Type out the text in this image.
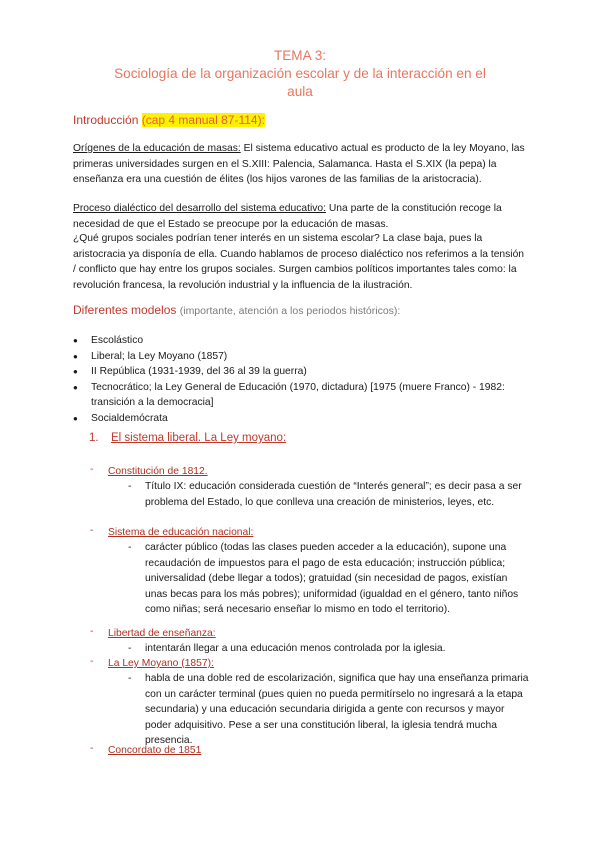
TEMA 3:
Sociología de la organización escolar y de la interacción en el
aula
Introducción (cap 4 manual 87-114):
Orígenes de la educación de masas: El sistema educativo actual es producto de la ley Moyano, las primeras universidades surgen en el S.XIII: Palencia, Salamanca. Hasta el S.XIX (la pepa) la enseñanza era una cuestión de élites (los hijos varones de las familias de la aristocracia).
Proceso dialéctico del desarrollo del sistema educativo: Una parte de la constitución recoge la necesidad de que el Estado se preocupe por la educación de masas.
¿Qué grupos sociales podrían tener interés en un sistema escolar? La clase baja, pues la aristocracia ya disponía de ella. Cuando hablamos de proceso dialéctico nos referimos a la tensión / conflicto que hay entre los grupos sociales. Surgen cambios políticos importantes tales como: la revolución francesa, la revolución industrial y la influencia de la ilustración.
Diferentes modelos (importante, atención a los periodos históricos):
● Escolástico
● Liberal; la Ley Moyano (1857)
● II República (1931-1939, del 36 al 39 la guerra)
● Tecnocrático; la Ley General de Educación (1970, dictadura) [1975 (muere Franco) - 1982: transición a la democracia]
● Socialdemócrata
1. El sistema liberal. La Ley moyano:
- Constitución de 1812.
- Título IX: educación considerada cuestión de “Interés general”; es decir pasa a ser problema del Estado, lo que conlleva una creación de ministerios, leyes, etc.
- Sistema de educación nacional:
- carácter público (todas las clases pueden acceder a la educación), supone una recaudación de impuestos para el pago de esta educación; instrucción pública; universalidad (debe llegar a todos); gratuidad (sin necesidad de pagos, existían unas becas para los más pobres); uniformidad (igualdad en el género, tanto niños como niñas; será necesario enseñar lo mismo en todo el territorio).
- Libertad de enseñanza:
- intentarán llegar a una educación menos controlada por la iglesia.
- La Ley Moyano (1857):
- habla de una doble red de escolarización, significa que hay una enseñanza primaria con un carácter terminal (pues quien no pueda permitírselo no ingresará a la etapa secundaria) y una educación secundaria dirigida a gente con recursos y mayor poder adquisitivo. Pese a ser una constitución liberal, la iglesia tendrá mucha presencia.
- Concordato de 1851
